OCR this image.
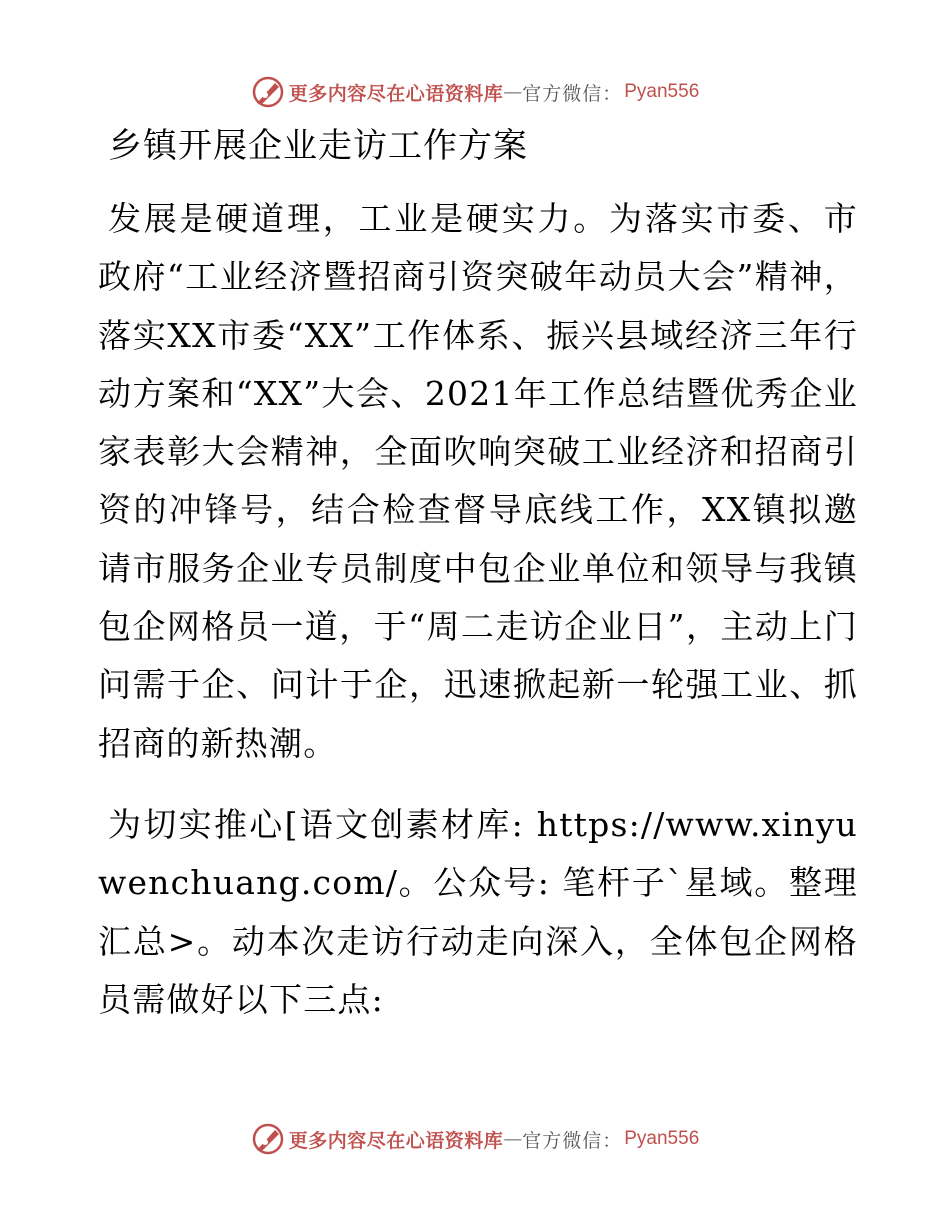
更多内容尽在心语资料库 — 官方微信： Pyan556
乡镇开展企业走访工作方案

发展是硬道理，工业是硬实力。为落实市委、市政府“工业经济暨招商引资突破年动员大会”精神，落实XX市委“XX”工作体系、振兴县域经济三年行动方案和“XX”大会、2021年工作总结暨优秀企业家表彰大会精神，全面吹响突破工业经济和招商引资的冲锋号，结合检查督导底线工作，XX镇拟邀请市服务企业专员制度中包企业单位和领导与我镇包企网格员一道，于“周二走访企业日”，主动上门问需于企、问计于企，迅速掀起新一轮强工业、抓招商的新热潮。

为切实推心[语文创素材库: https://www.xinyuwenchuang.com/。公众号: 笔杆子`星域。整理汇总>。动本次走访行动走向深入，全体包企网格员需做好以下三点:

更多内容尽在心语资料库 — 官方微信： Pyan556
